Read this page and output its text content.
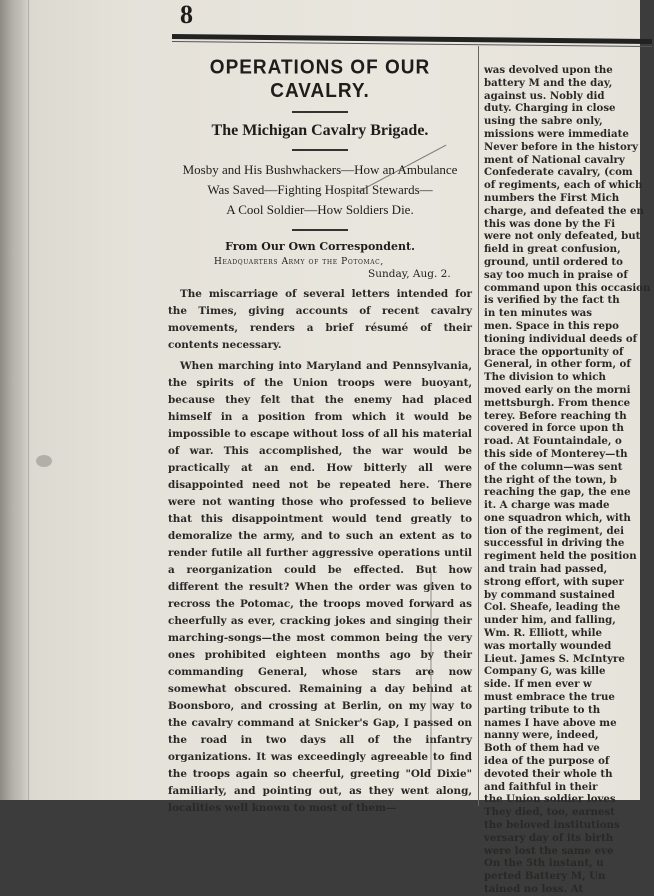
8
OPERATIONS OF OUR CAVALRY.
The Michigan Cavalry Brigade.

Mosby and His Bushwhackers—How an Ambulance
Was Saved—Fighting Hospital Stewards—
A Cool Soldier—How Soldiers Die.

From Our Own Correspondent.

Headquarters Army of the Potomac,

Sunday, Aug. 2.

The miscarriage of several letters intended for the Times, giving accounts of recent cavalry movements, renders a brief résumé of their contents necessary.

When marching into Maryland and Pennsylvania, the spirits of the Union troops were buoyant, because they felt that the enemy had placed himself in a position from which it would be impossible to escape without loss of all his material of war. This accomplished, the war would be practically at an end. How bitterly all were disappointed need not be repeated here. There were not wanting those who professed to believe that this disappointment would tend greatly to demoralize the army, and to such an extent as to render futile all further aggressive operations until a reorganization could be effected. But how different the result? When the order was given to recross the Potomac, the troops moved forward as cheerfully as ever, cracking jokes and singing their marching-songs—the most common being the very ones prohibited eighteen months ago by their commanding General, whose stars are now somewhat obscured. Remaining a day behind at Boonsboro, and crossing at Berlin, on my way to the cavalry command at Snicker's Gap, I passed on the road in two days all of the infantry organizations. It was exceedingly agreeable to find the troops again so cheerful, greeting "Old Dixie" familiarly, and pointing out, as they went along, localities well known to most of them—

was devolved upon the
battery M and the day,
against us. Nobly did
duty. Charging in close
using the sabre only,
missions were immediate
Never before in the history
ment of National cavalry
Confederate cavalry, (com
of regiments, each of which
numbers the First Mich
charge, and defeated the en
this was done by the Fi
were not only defeated, but
field in great confusion,
ground, until ordered to
say too much in praise of
command upon this occasion
is verified by the fact th
in ten minutes was
men. Space in this repo
tioning individual deeds of
brace the opportunity of
General, in other form, of
The division to which
moved early on the morni
mettsburgh. From thence
terey. Before reaching th
covered in force upon th
road. At Fountaindale, o
this side of Monterey—th
of the column—was sent
the right of the town, b
reaching the gap, the ene
it. A charge was made
one squadron which, with
tion of the regiment, dei
successful in driving the
regiment held the position
and train had passed,
strong effort, with super
by command sustained
Col. Sheafe, leading the
under him, and falling,
Wm. R. Elliott, while
was mortally wounded
Lieut. James S. McIntyre
Company G, was kille
side. If men ever w
must embrace the true
parting tribute to th
names I have above me
nanny were, indeed,
Both of them had ve
idea of the purpose of
devoted their whole th
and faithful in their
the Union soldier loves
They died, too, earnest
the beloved institutions
versary day of its birth
were lost the same eve
On the 5th instant, u
perted Battery M, Un
tained no loss. At
